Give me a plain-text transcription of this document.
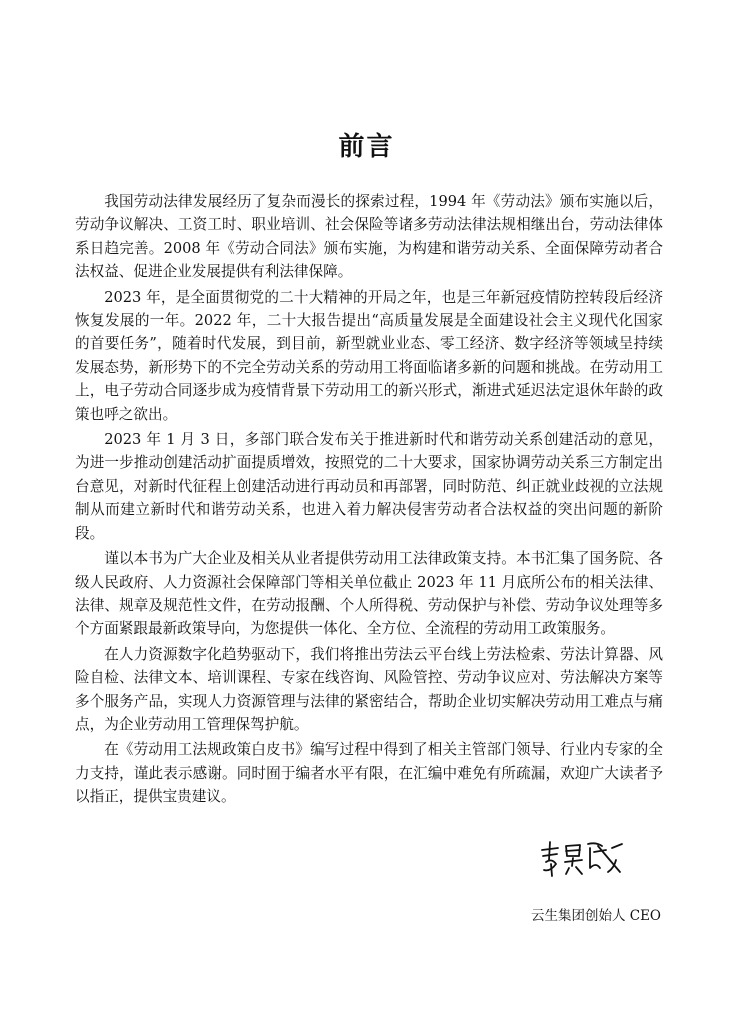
前言

我国劳动法律发展经历了复杂而漫长的探索过程，1994 年《劳动法》颁布实施以后，劳动争议解决、工资工时、职业培训、社会保险等诸多劳动法律法规相继出台，劳动法律体系日趋完善。2008 年《劳动合同法》颁布实施，为构建和谐劳动关系、全面保障劳动者合法权益、促进企业发展提供有利法律保障。

2023 年，是全面贯彻党的二十大精神的开局之年，也是三年新冠疫情防控转段后经济恢复发展的一年。2022 年，二十大报告提出“高质量发展是全面建设社会主义现代化国家的首要任务”，随着时代发展，到目前，新型就业业态、零工经济、数字经济等领域呈持续发展态势，新形势下的不完全劳动关系的劳动用工将面临诸多新的问题和挑战。在劳动用工上，电子劳动合同逐步成为疫情背景下劳动用工的新兴形式，渐进式延迟法定退休年龄的政策也呼之欲出。

2023 年 1 月 3 日，多部门联合发布关于推进新时代和谐劳动关系创建活动的意见，为进一步推动创建活动扩面提质增效，按照党的二十大要求，国家协调劳动关系三方制定出台意见，对新时代征程上创建活动进行再动员和再部署，同时防范、纠正就业歧视的立法规制从而建立新时代和谐劳动关系，也进入着力解决侵害劳动者合法权益的突出问题的新阶段。

谨以本书为广大企业及相关从业者提供劳动用工法律政策支持。本书汇集了国务院、各级人民政府、人力资源社会保障部门等相关单位截止 2023 年 11 月底所公布的相关法律、法律、规章及规范性文件，在劳动报酬、个人所得税、劳动保护与补偿、劳动争议处理等多个方面紧跟最新政策导向，为您提供一体化、全方位、全流程的劳动用工政策服务。

在人力资源数字化趋势驱动下，我们将推出劳法云平台线上劳法检索、劳法计算器、风险自检、法律文本、培训课程、专家在线咨询、风险管控、劳动争议应对、劳法解决方案等多个服务产品，实现人力资源管理与法律的紧密结合，帮助企业切实解决劳动用工难点与痛点，为企业劳动用工管理保驾护航。

在《劳动用工法规政策白皮书》编写过程中得到了相关主管部门领导、行业内专家的全力支持，谨此表示感谢。同时囿于编者水平有限，在汇编中难免有所疏漏，欢迎广大读者予以指正，提供宝贵建议。

云生集团创始人 CEO
